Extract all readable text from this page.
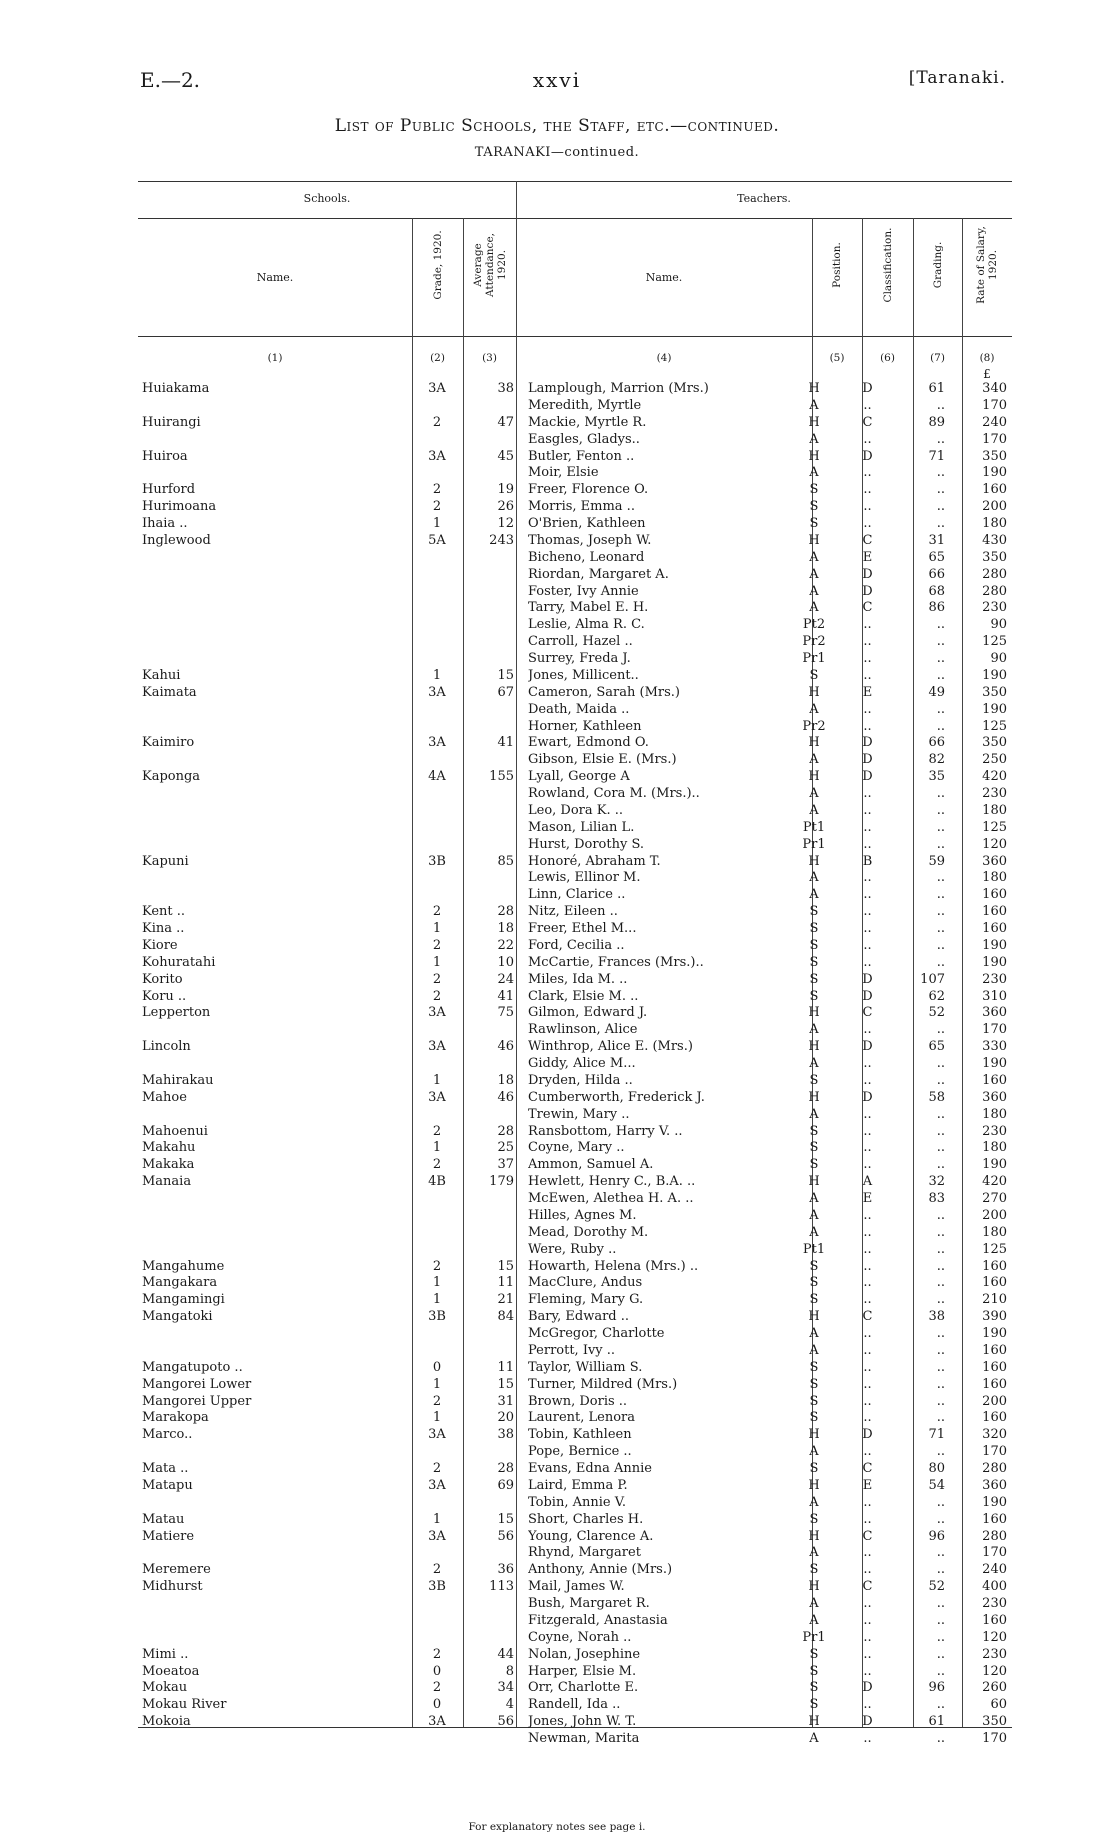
E.—2.	xxvi	[Taranaki.
List of Public Schools, the Staff, etc.—continued.
TARANAKI—continued.
Schools.	Teachers.
Name.	Grade, 1920.	Average Attendance, 1920.	Name.	Position.	Classification.	Grading.	Rate of Salary, 1920.
(1)	(2)	(3)	(4)	(5)	(6)	(7)	(8)
£
Huiakama	3A	38 Lamplough, Marrion (Mrs.)	H	D	61	340
Meredith, Myrtle	A	..	..	170
Huirangi	2	47 Mackie, Myrtle R.	H	C	89	240
Easgles, Gladys..	A	..	..	170
Huiroa	3A	45 Butler, Fenton ..	H	D	71	350
Moir, Elsie	A	..	..	190
Hurford	2	19 Freer, Florence O.	S	..	..	160
Hurimoana	2	26 Morris, Emma ..	S	..	..	200
Ihaia ..	1	12 O'Brien, Kathleen	S	..	..	180
Inglewood	5A	243 Thomas, Joseph W.	H	C	31	430
Bicheno, Leonard	A	E	65	350
Riordan, Margaret A.	A	D	66	280
Foster, Ivy Annie	A	D	68	280
Tarry, Mabel E. H.	A	C	86	230
Leslie, Alma R. C.	Pt2	..	..	90
Carroll, Hazel ..	Pr2	..	..	125
Surrey, Freda J.	Pr1	..	..	90
Kahui	1	15 Jones, Millicent..	S	..	..	190
Kaimata	3A	67 Cameron, Sarah (Mrs.)	H	E	49	350
Death, Maida ..	A	..	..	190
Horner, Kathleen	Pr2	..	..	125
Kaimiro	3A	41 Ewart, Edmond O.	H	D	66	350
Gibson, Elsie E. (Mrs.)	A	D	82	250
Kaponga	4A	155 Lyall, George A	H	D	35	420
Rowland, Cora M. (Mrs.)..	A	..	..	230
Leo, Dora K. ..	A	..	..	180
Mason, Lilian L.	Pt1	..	..	125
Hurst, Dorothy S.	Pr1	..	..	120
Kapuni	3B	85 Honoré, Abraham T.	H	B	59	360
Lewis, Ellinor M.	A	..	..	180
Linn, Clarice ..	A	..	..	160
Kent ..	2	28 Nitz, Eileen ..	S	..	..	160
Kina ..	1	18 Freer, Ethel M...	S	..	..	160
Kiore	2	22 Ford, Cecilia ..	S	..	..	190
Kohuratahi	1	10 McCartie, Frances (Mrs.)..	S	..	..	190
Korito	2	24 Miles, Ida M. ..	S	D	107	230
Koru ..	2	41 Clark, Elsie M. ..	S	D	62	310
Lepperton	3A	75 Gilmon, Edward J.	H	C	52	360
Rawlinson, Alice	A	..	..	170
Lincoln	3A	46 Winthrop, Alice E. (Mrs.)	H	D	65	330
Giddy, Alice M...	A	..	..	190
Mahirakau	1	18 Dryden, Hilda ..	S	..	..	160
Mahoe	3A	46 Cumberworth, Frederick J.	H	D	58	360
Trewin, Mary ..	A	..	..	180
Mahoenui	2	28 Ransbottom, Harry V. ..	S	..	..	230
Makahu	1	25 Coyne, Mary ..	S	..	..	180
Makaka	2	37 Ammon, Samuel A.	S	..	..	190
Manaia	4B	179 Hewlett, Henry C., B.A. ..	H	A	32	420
McEwen, Alethea H. A. ..	A	E	83	270
Hilles, Agnes M.	A	..	..	200
Mead, Dorothy M.	A	..	..	180
Were, Ruby ..	Pt1	..	..	125
Mangahume	2	15 Howarth, Helena (Mrs.) ..	S	..	..	160
Mangakara	1	11 MacClure, Andus	S	..	..	160
Mangamingi	1	21 Fleming, Mary G.	S	..	..	210
Mangatoki	3B	84 Bary, Edward ..	H	C	38	390
McGregor, Charlotte	A	..	..	190
Perrott, Ivy ..	A	..	..	160
Mangatupoto ..	0	11 Taylor, William S.	S	..	..	160
Mangorei Lower	1	15 Turner, Mildred (Mrs.)	S	..	..	160
Mangorei Upper	2	31 Brown, Doris ..	S	..	..	200
Marakopa	1	20 Laurent, Lenora	S	..	..	160
Marco..	3A	38 Tobin, Kathleen	H	D	71	320
Pope, Bernice ..	A	..	..	170
Mata ..	2	28 Evans, Edna Annie	S	C	80	280
Matapu	3A	69 Laird, Emma P.	H	E	54	360
Tobin, Annie V.	A	..	..	190
Matau	1	15 Short, Charles H.	S	..	..	160
Matiere	3A	56 Young, Clarence A.	H	C	96	280
Rhynd, Margaret	A	..	..	170
Meremere	2	36 Anthony, Annie (Mrs.)	S	..	..	240
Midhurst	3B	113 Mail, James W.	H	C	52	400
Bush, Margaret R.	A	..	..	230
Fitzgerald, Anastasia	A	..	..	160
Coyne, Norah ..	Pr1	..	..	120
Mimi ..	2	44 Nolan, Josephine	S	..	..	230
Moeatoa	0	8 Harper, Elsie M.	S	..	..	120
Mokau	2	34 Orr, Charlotte E.	S	D	96	260
Mokau River	0	4 Randell, Ida ..	S	..	..	60
Mokoia	3A	56 Jones, John W. T.	H	D	61	350
Newman, Marita	A	..	..	170
For explanatory notes see page i.
